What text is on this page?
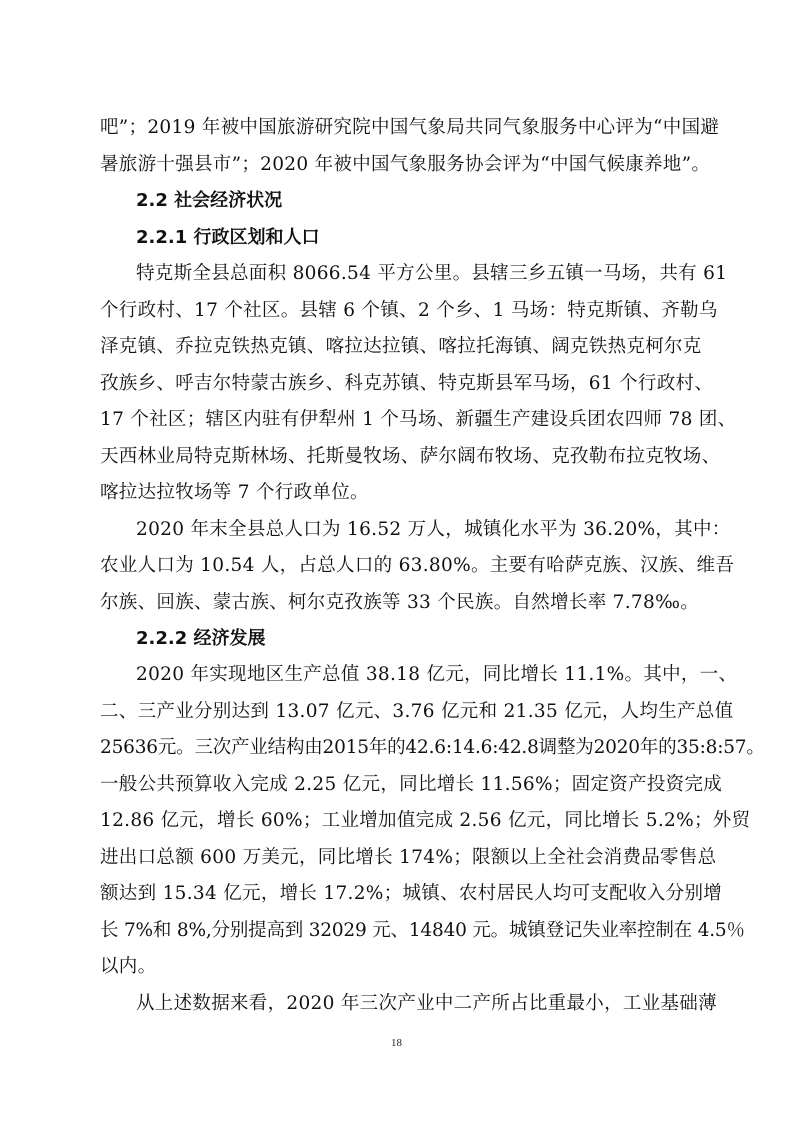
吧”；2019 年被中国旅游研究院中国气象局共同气象服务中心评为“中国避
暑旅游十强县市”；2020 年被中国气象服务协会评为“中国气候康养地”。
2.2 社会经济状况
2.2.1 行政区划和人口
特克斯全县总面积 8066.54 平方公里。县辖三乡五镇一马场，共有 61
个行政村、17 个社区。县辖 6 个镇、2 个乡、1 马场：特克斯镇、齐勒乌
泽克镇、乔拉克铁热克镇、喀拉达拉镇、喀拉托海镇、阔克铁热克柯尔克
孜族乡、呼吉尔特蒙古族乡、科克苏镇、特克斯县军马场，61 个行政村、
17 个社区；辖区内驻有伊犁州 1 个马场、新疆生产建设兵团农四师 78 团、
天西林业局特克斯林场、托斯曼牧场、萨尔阔布牧场、克孜勒布拉克牧场、
喀拉达拉牧场等 7 个行政单位。
2020 年末全县总人口为 16.52 万人，城镇化水平为 36.20%，其中：
农业人口为 10.54 人，占总人口的 63.80%。主要有哈萨克族、汉族、维吾
尔族、回族、蒙古族、柯尔克孜族等 33 个民族。自然增长率 7.78‰。
2.2.2 经济发展
2020 年实现地区生产总值 38.18 亿元，同比增长 11.1%。其中，一、
二、三产业分别达到 13.07 亿元、3.76 亿元和 21.35 亿元，人均生产总值
25636元。三次产业结构由2015年的42.6:14.6:42.8调整为2020年的35:8:57。
一般公共预算收入完成 2.25 亿元，同比增长 11.56%；固定资产投资完成
12.86 亿元，增长 60%；工业增加值完成 2.56 亿元，同比增长 5.2%；外贸
进出口总额 600 万美元，同比增长 174%；限额以上全社会消费品零售总
额达到 15.34 亿元，增长 17.2%；城镇、农村居民人均可支配收入分别增
长 7%和 8%,分别提高到 32029 元、14840 元。城镇登记失业率控制在 4.5％
以内。
从上述数据来看，2020 年三次产业中二产所占比重最小，工业基础薄
18
